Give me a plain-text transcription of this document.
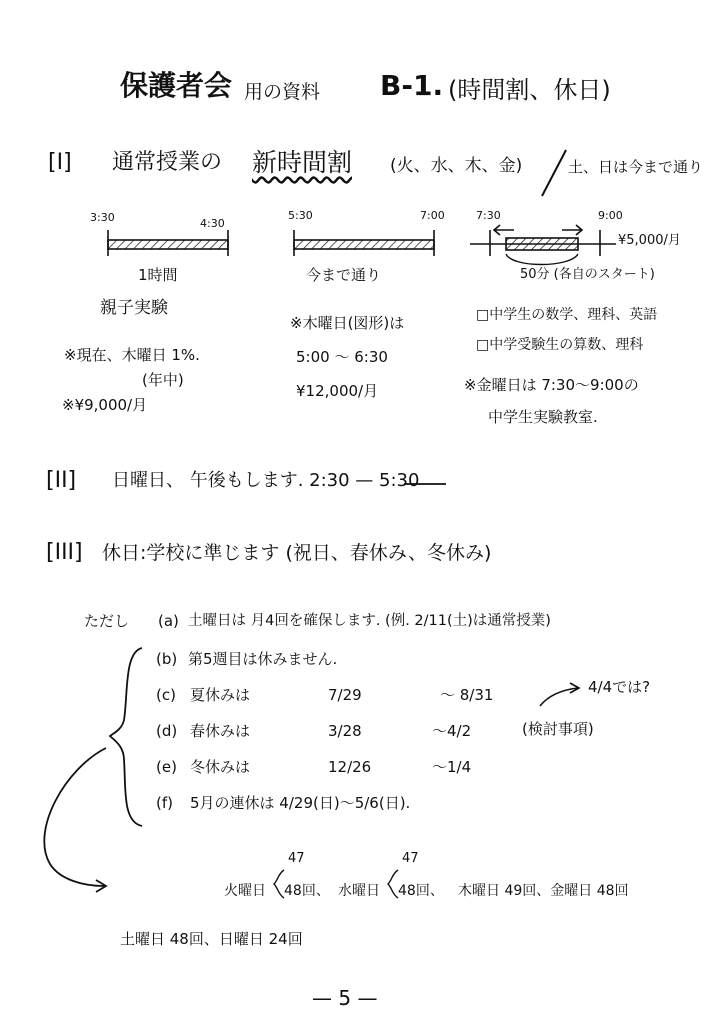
保護者会 用の資料 B-1. (時間割、休日)
[I] 通常授業の 新時間割 (火、水、木、金)	土、日は今まで通り
3:30	4:30
1時間
親子実験
※現在、木曜日 1%.
(年中)
※¥9,000/月
5:30	7:00
今まで通り
※木曜日(図形)は
5:00 〜 6:30
¥12,000/月
7:30	9:00
¥5,000/月
50分 (各自のスタート)
□中学生の数学、理科、英語
□中学受験生の算数、理科
※金曜日は 7:30〜9:00の
中学生実験教室.
[II] 日曜日、 午後もします. 2:30 — 5:30
[III] 休日:学校に準じます (祝日、春休み、冬休み)
ただし (a) 土曜日は 月4回を確保します. (例. 2/11(土)は通常授業)
(b) 第5週目は休みません.
(c) 夏休みは	7/29	〜 8/31
(d) 春休みは	3/28	〜4/2
(e) 冬休みは	12/26	〜1/4
(f) 5月の連休は 4/29(日)〜5/6(日).
4/4では?
(検討事項)
47	47
火曜日 48回、 水曜日 48回、 木曜日 49回、金曜日 48回
土曜日 48回、日曜日 24回
— 5 —
